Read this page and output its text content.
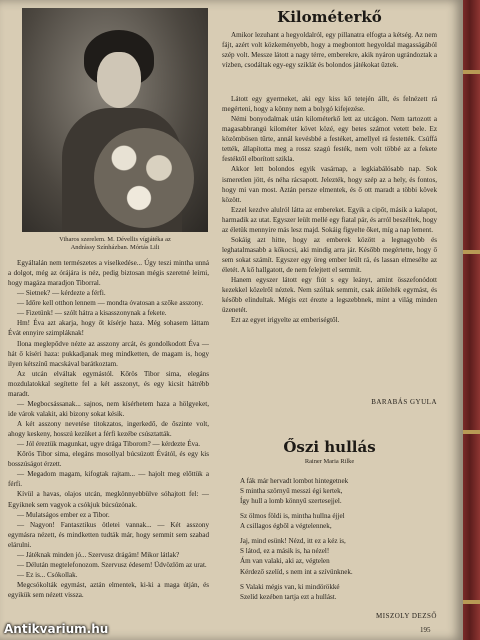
Viharos szerelem. M. Dévellis vígjátéka az
Andrássy Színházban. Mórtás Lili

Egyáltalán nem természetes a viselkedése... Úgy teszi mintha unná a dolgot, még az órájára is néz, pedig biztosan mégis szeretné leírni, hogy magáza maradjon Tiborral.

— Sietnek? — kérdezte a férfi.

— Időre kell otthon lennem — mondta óvatosan a szőke asszony.

— Fizetünk! — szólt hátra a kisasszonynak a fekete.

Hm! Éva azt akarja, hogy őt kísérje haza. Még sohasem láttam Évát ennyire szimpláknak!

Ilona meglepődve nézte az asszony arcát, és gondolkodott Éva — hát ő kíséri haza: pukkadjanak meg mindketten, de magam is, hogy ilyen kétszínű macskával barátkoztam.

Az utcán elváltak egymástól. Kőrös Tibor sima, elegáns mozdulatokkal segítette fel a két asszonyt, és egy kicsit hátrébb maradt.

— Megbocsássanak... sajnos, nem kísérhetem haza a hölgyeket, ide várok valakit, aki bizony sokat késik.

A két asszony nevetése titokzatos, ingerkedő, de őszinte volt, ahogy keskeny, hosszú kezüket a férfi kezébe csúsztatták.

— Jól éreztük magunkat, ugye drága Tiborom? — kérdezte Éva.

Kőrös Tibor sima, elegáns mosollyal búcsúzott Évától, és egy kis bosszúságot érzett.

— Megadom magam, kifogtak rajtam... — hajolt meg előttük a férfi.

Kívül a havas, olajos utcán, megkönnyebbülve sóhajtott fel: — Egyiknek sem vagyok a csókjuk búcsúzónak.

— Mulatságos ember ez a Tibor.

— Nagyon! Fantasztikus ötletei vannak... — Két asszony egymásra nézett, és mindketten tudták már, hogy semmit sem szabad elárulni.

— Játéknak minden jó... Szervusz drágám! Mikor látlak?

— Délután megtelefonozom. Szervusz édesem! Üdvözlöm az urat.

— Ez is... Csókollak.

Megcsókolták egymást, aztán elmentek, ki-ki a maga útján, és egyikük sem nézett vissza.

Kilométerkő

Amikor lezuhant a hegyoldalról, egy pillanatra elfogta a kétség. Az nem fájt, azért volt közkeményebb, hogy a megbontott hegyoldal magasságából szép volt. Messze látott a nagy térre, emberekre, akik nyáron ugrándoztak a vízben, csodáltak egy-egy sziklát és bolondos játékokat űztek.

Látott egy gyermeket, aki egy kiss kő tetején állt, és felnézett rá megérteni, hogy a könny nem a bolygó kifejezése.

Némi bonyodalmak után kilométerkő lett az utcágon. Nem tartozott a magasabbrangú kilométer követ közé, egy betes számot vetett bele. Ez közömbösen tűrte, annál kevésbbé a festéket, amellyel rá festették. Csúffá tették, állapította meg a rossz szagú festék, nem volt többé az a fekete festéktől elborított szikla.

Akkor lett bolondos egyik vasárnap, a legkiabálósabb nap. Sok ismeretlen jött, és néha rácsapott. Jelezték, hogy szép az a hely, és fontos, hogy mi van most. Aztán persze elmentek, és ő ott maradt a többi kövek között.

Ezzel kezdve alulról látta az embereket. Egyik a cipőt, másik a kalapot, harmadik az utat. Egyszer leült mellé egy fiatal pár, és arról beszéltek, hogy az életük mennyire más lesz majd. Sokáig figyelte őket, míg a nap lement.

Sokáig azt hitte, hogy az emberek között a legnagyobb és leghatalmasabb a kőkocsi, aki mindig arra jár. Később megértette, hogy ő sem sokat számít. Egyszer egy öreg ember leült rá, és lassan elmesélte az életét. A kő hallgatott, de nem felejtett el semmit.

Hanem egyszer látott egy fiút s egy leányt, amint összefonódott kezekkel közelről néztek. Nem szóltak semmit, csak átölelték egymást, és később elindultak. Mégis ezt érezte a legszebbnek, mint a világ minden üzenetét.

Ezt az egyet irigyelte az emberiségtől.

BARABÁS GYULA
Őszi hullás
Rainer Maria Rilke
A fák már hervadt lombot hintegetnek
S mintha szörnyű messzi égi kertek,
Így hull a lomb könnyű szertesejjel.
Sz ölmos földi is, mintha hullna éjjel
A csillagos égből a végtelennek,
Jaj, mind esünk! Nézd, itt ez a kéz is,
S látod, ez a másik is, ha nézel!
Ám van valaki, aki az, végtelen
Kérdező szelíd, s nem int a szívünknek.
S Valaki mégis van, ki mindörökké
Szelíd kezében tartja ezt a hullást.
MISZOLY DEZSŐ
195
Antikvarium.hu
